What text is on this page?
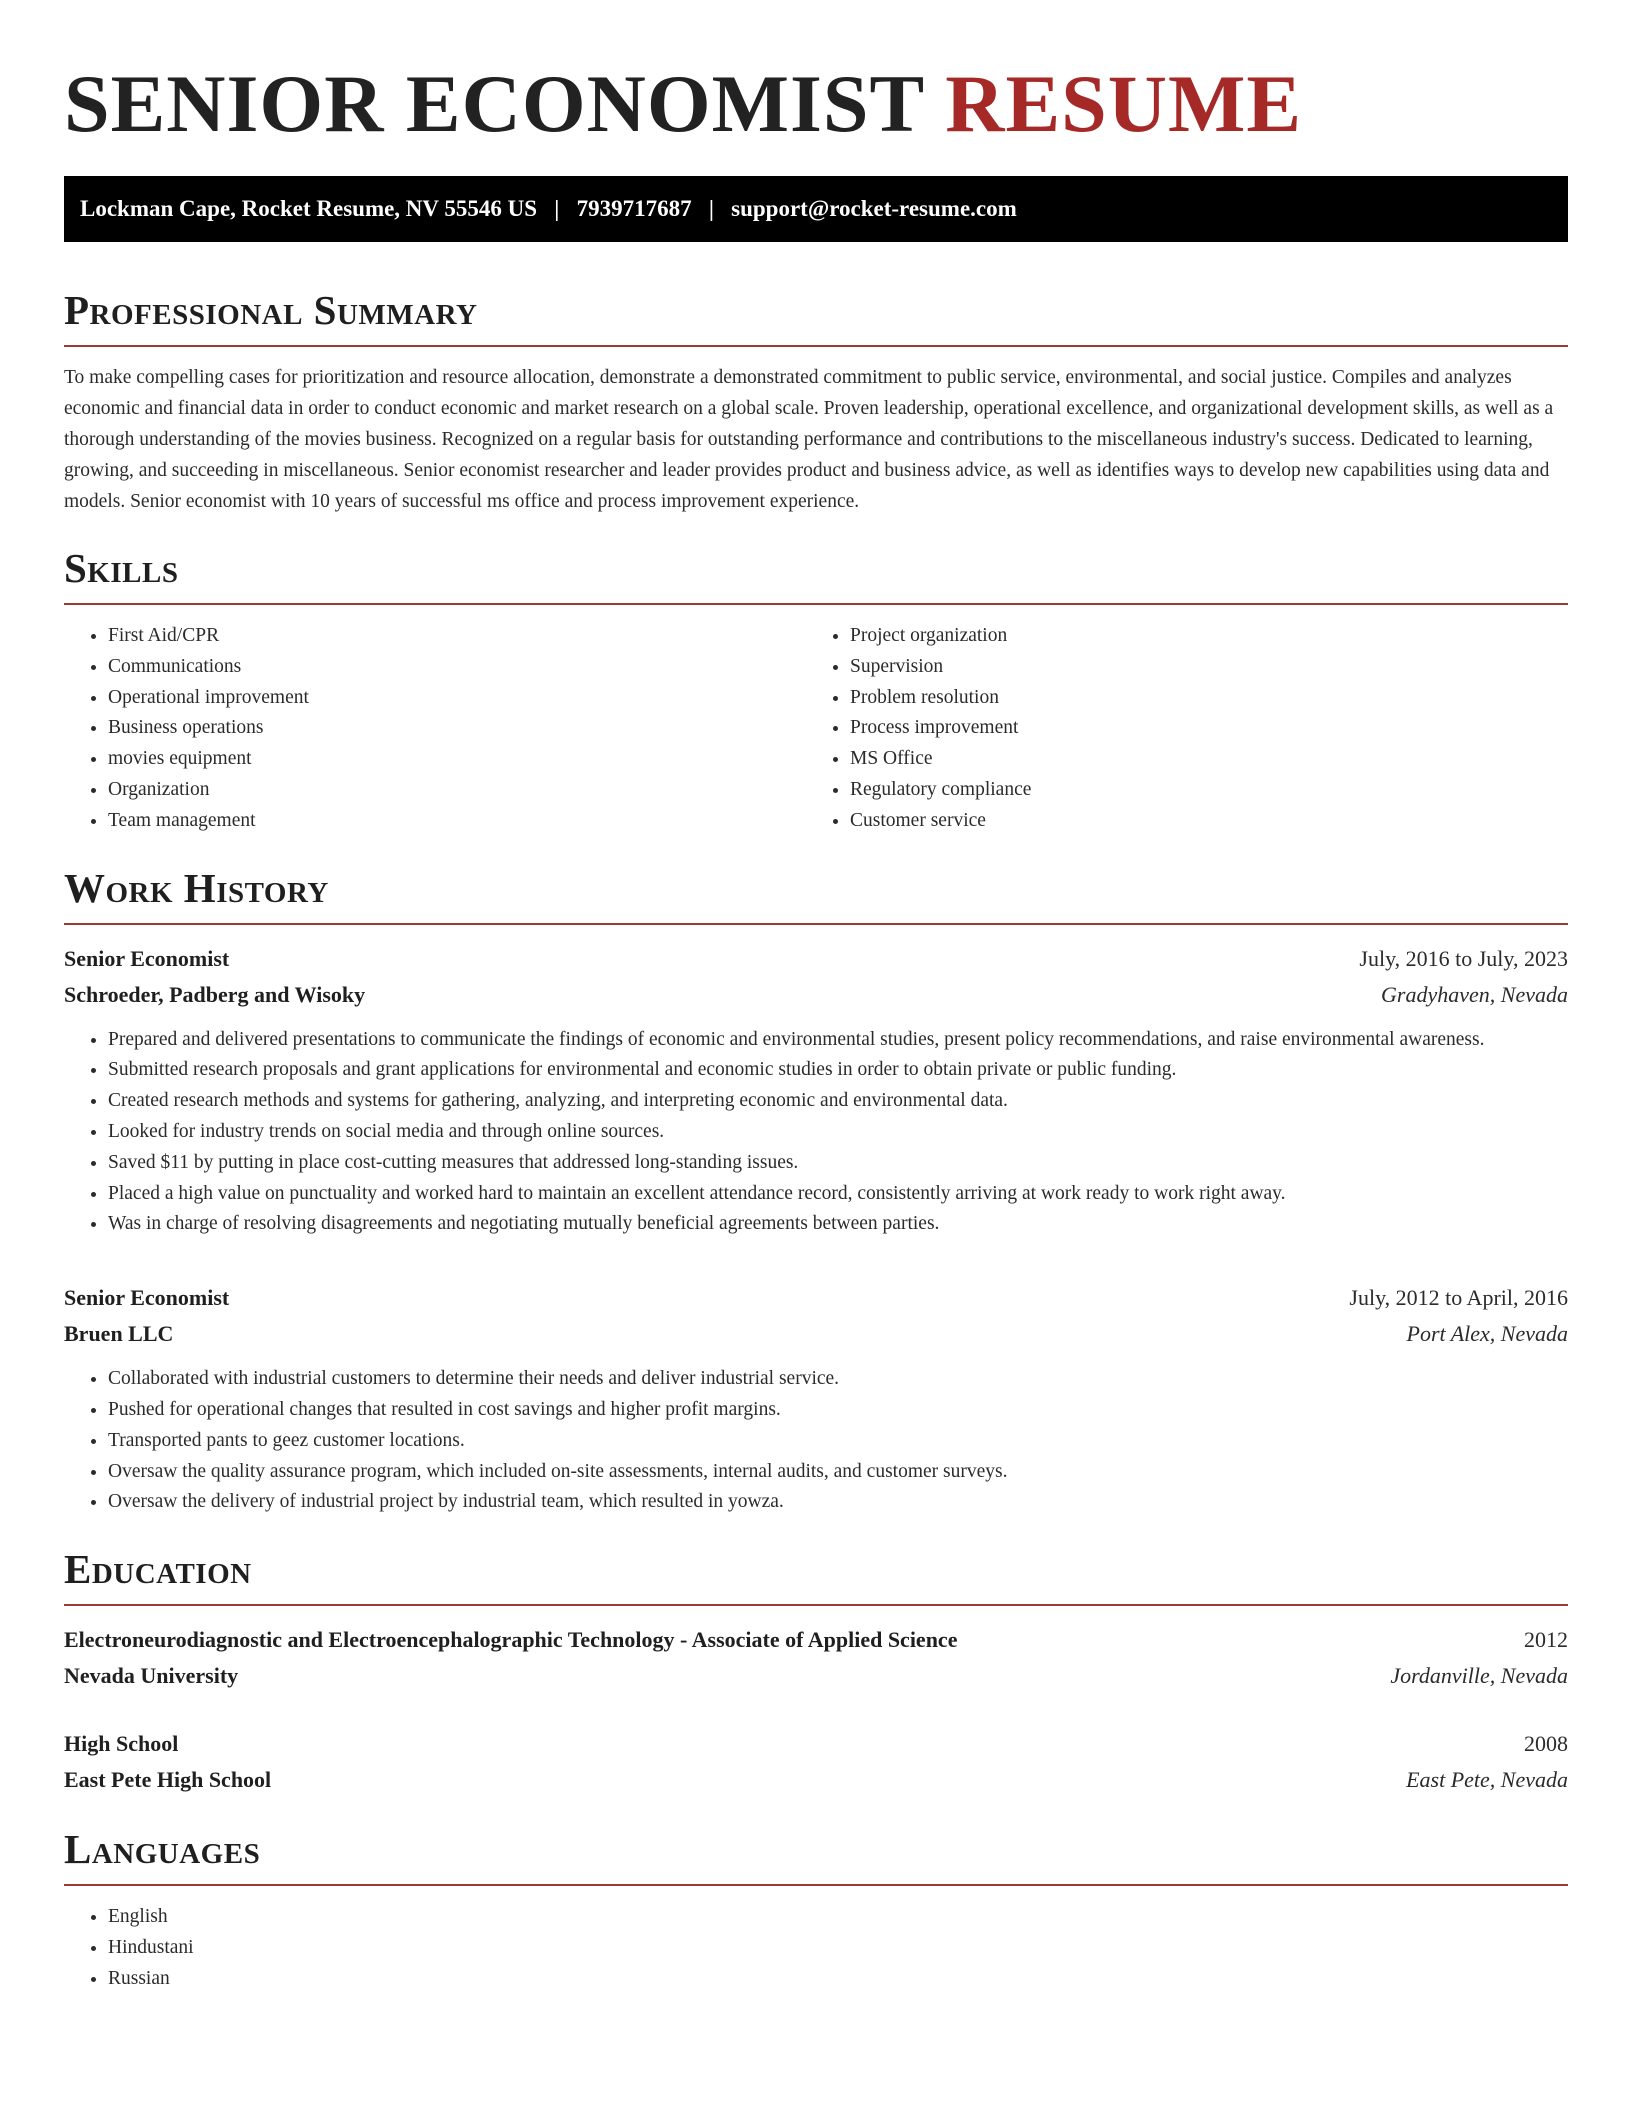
SENIOR ECONOMIST RESUME
Lockman Cape, Rocket Resume, NV 55546 US   |   7939717687   |   support@rocket-resume.com
Professional Summary

To make compelling cases for prioritization and resource allocation, demonstrate a demonstrated commitment to public service, environmental, and social justice. Compiles and analyzes economic and financial data in order to conduct economic and market research on a global scale. Proven leadership, operational excellence, and organizational development skills, as well as a thorough understanding of the movies business. Recognized on a regular basis for outstanding performance and contributions to the miscellaneous industry's success. Dedicated to learning, growing, and succeeding in miscellaneous. Senior economist researcher and leader provides product and business advice, as well as identifies ways to develop new capabilities using data and models. Senior economist with 10 years of successful ms office and process improvement experience.

Skills
• First Aid/CPR
• Communications
• Operational improvement
• Business operations
• movies equipment
• Organization
• Team management
• Project organization
• Supervision
• Problem resolution
• Process improvement
• MS Office
• Regulatory compliance
• Customer service
Work History
Senior Economist	July, 2016 to July, 2023
Schroeder, Padberg and Wisoky	Gradyhaven, Nevada
• Prepared and delivered presentations to communicate the findings of economic and environmental studies, present policy recommendations, and raise environmental awareness.
• Submitted research proposals and grant applications for environmental and economic studies in order to obtain private or public funding.
• Created research methods and systems for gathering, analyzing, and interpreting economic and environmental data.
• Looked for industry trends on social media and through online sources.
• Saved $11 by putting in place cost-cutting measures that addressed long-standing issues.
• Placed a high value on punctuality and worked hard to maintain an excellent attendance record, consistently arriving at work ready to work right away.
• Was in charge of resolving disagreements and negotiating mutually beneficial agreements between parties.
Senior Economist	July, 2012 to April, 2016
Bruen LLC	Port Alex, Nevada
• Collaborated with industrial customers to determine their needs and deliver industrial service.
• Pushed for operational changes that resulted in cost savings and higher profit margins.
• Transported pants to geez customer locations.
• Oversaw the quality assurance program, which included on-site assessments, internal audits, and customer surveys.
• Oversaw the delivery of industrial project by industrial team, which resulted in yowza.
Education
Electroneurodiagnostic and Electroencephalographic Technology - Associate of Applied Science	2012
Nevada University	Jordanville, Nevada
High School	2008
East Pete High School	East Pete, Nevada
Languages
• English
• Hindustani
• Russian
